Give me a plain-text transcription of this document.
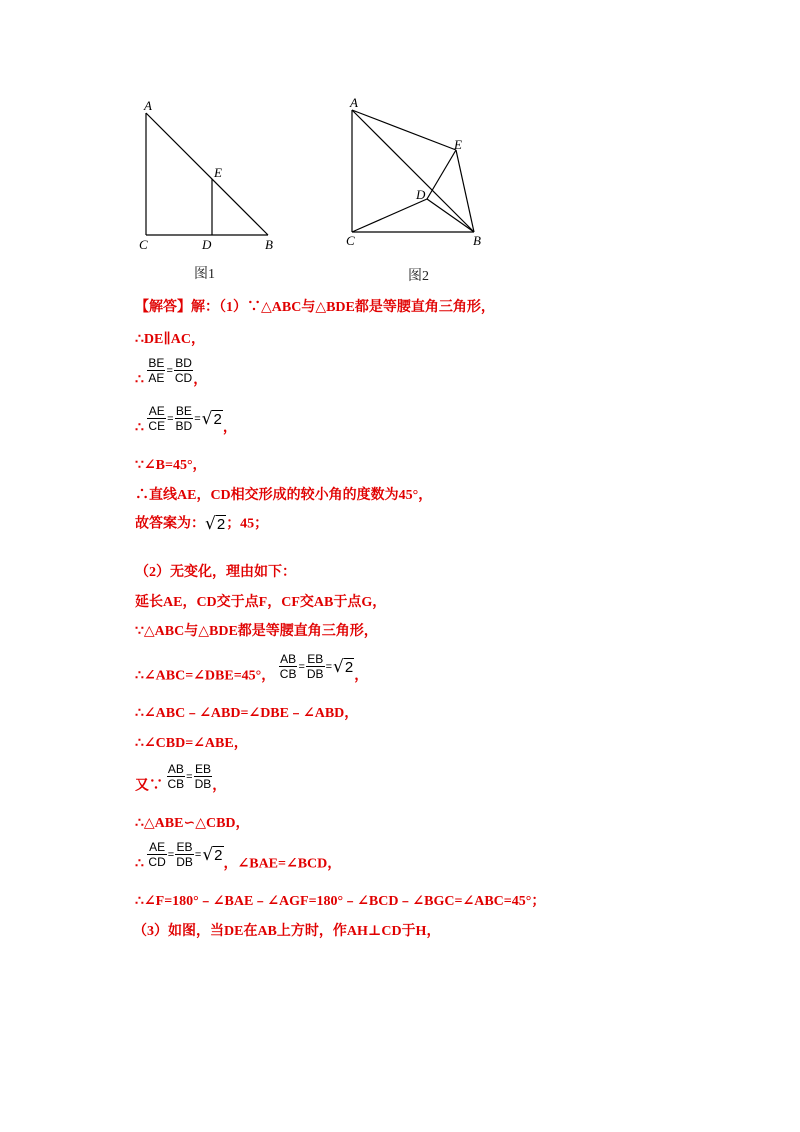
A
E
C	D	B
图1
A
E
D
C	B
图2
【解答】解：（1）∵△ABC与△BDE都是等腰直角三角形，
∴DE∥AC，
∴ $\frac{BE}{AE} = \frac{BD}{CD}$ ，
∴ $\frac{AE}{CE} = \frac{BE}{BD} =√2$，
∵∠B=45°，
∴直线AE，CD相交形成的较小角的度数为45°，
故答案为：√2；45；
（2）无变化，理由如下：
延长AE，CD交于点F，CF交AB于点G，
∵△ABC与△BDE都是等腰直角三角形，
∴∠ABC=∠DBE=45°， $\frac{AB}{CB} = \frac{EB}{DB} =√2$，
∴∠ABC﹣∠ABD=∠DBE﹣∠ABD，
∴∠CBD=∠ABE，
又∵ $\frac{AB}{CB} = \frac{EB}{DB}$ ，
∴△ABE∽△CBD，
∴ $\frac{AE}{CD} = \frac{EB}{DB} =√2$，∠BAE=∠BCD，
∴∠F=180°﹣∠BAE﹣∠AGF=180°﹣∠BCD﹣∠BGC=∠ABC=45°；
（3）如图，当DE在AB上方时，作AH⊥CD于H，
